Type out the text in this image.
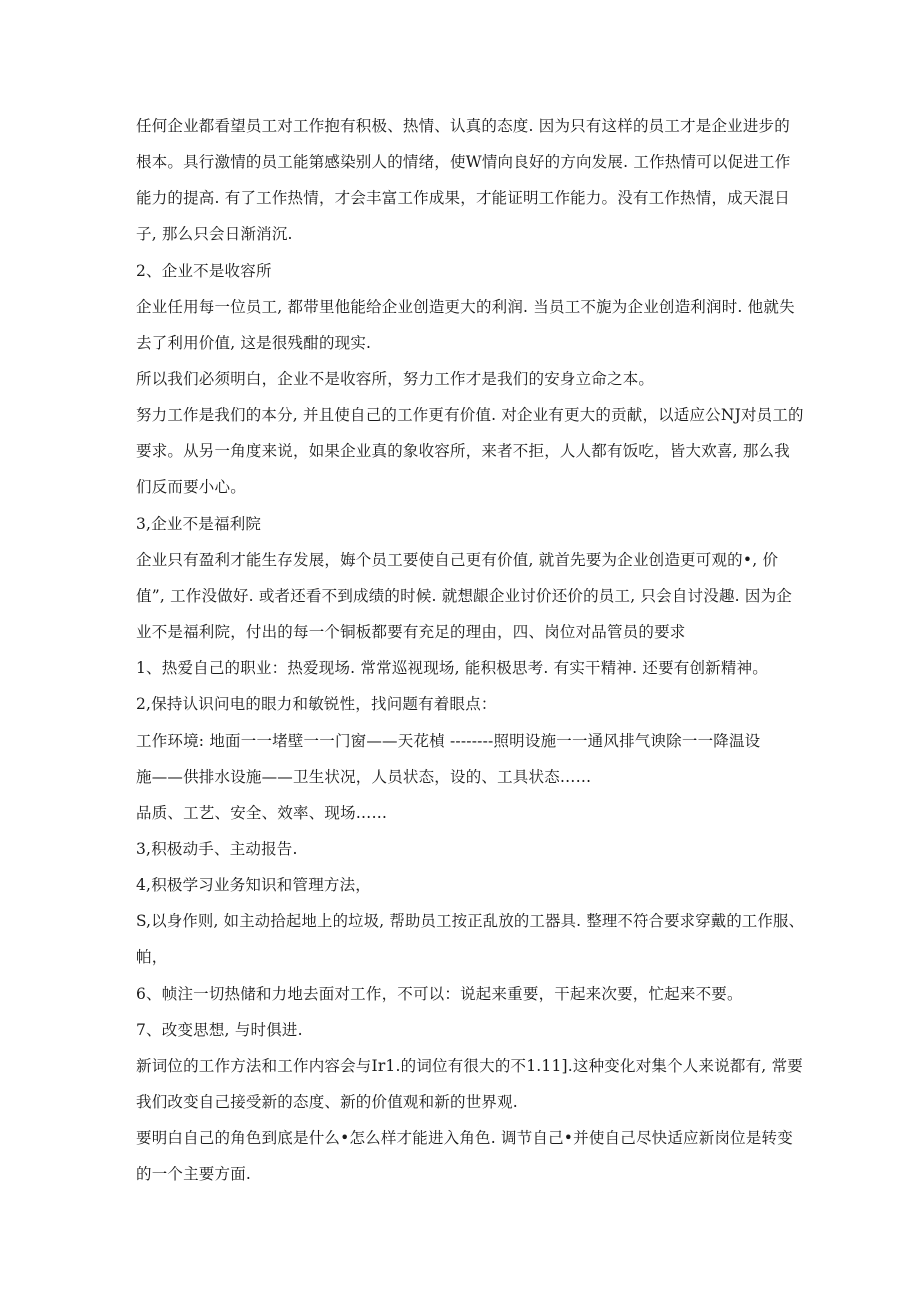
任何企业都看望员工对工作抱有积极、热情、认真的态度. 因为只有这样的员工才是企业进步的
根本。具行激情的员工能第感染别人的情绪，使W情向良好的方向发展. 工作热情可以促进工作
能力的提高. 有了工作热情，才会丰富工作成果，才能证明工作能力。没有工作热情，成天混日
子, 那么只会日渐消沉.
2、企业不是收容所
企业任用每一位员工, 都带里他能给企业创造更大的利润. 当员工不旎为企业创造利润时. 他就失
去了利用价值, 这是很残酣的现实.
所以我们必须明白，企业不是收容所，努力工作才是我们的安身立命之本。
努力工作是我们的本分, 并且使自己的工作更有价值. 对企业有更大的贡献，以适应公NJ对员工的
要求。从另一角度来说，如果企业真的象收容所，来者不拒，人人都有饭吃，皆大欢喜, 那么我
们反而要小心。
3,企业不是福利院
企业只有盈利才能生存发展，娒个员工要使自己更有价值, 就首先要为企业创造更可观的•, 价
值”, 工作没做好. 或者还看不到成绩的时候. 就想龈企业讨价还价的员工, 只会自讨没趣. 因为企
业不是福利院，付出的每一个铜板都要有充足的理由，四、岗位对品管员的要求
1、热爱自己的职业：热爱现场. 常常巡视现场, 能积极思考. 有实干精神. 还要有创新精神。
2,保持认识问电的眼力和敏锐性，找问题有着眼点：
工作环境: 地面一一堵壁一一门窗——天花楨 --------照明设施一一通风排气谀除一一降温设
施——供排水设施——卫生状况，人员状态，设的、工具状态……
品质、工艺、安全、效率、现场……
3,积极动手、主动报告.
4,积极学习业务知识和管理方法，
S,以身作则, 如主动拾起地上的垃圾, 帮助员工按正乱放的工器具. 整理不符合要求穿戴的工作服、
帕，
6、帧注一切热储和力地去面对工作，不可以：说起来重要，干起来次要，忙起来不要。
7、改变思想, 与时俱进.
新词位的工作方法和工作内容会与Ir1.的词位有很大的不1.11].这种变化对集个人来说都有, 常要
我们改变自己接受新的态度、新的价值观和新的世界观.
要明白自己的角色到底是什么•怎么样才能进入角色. 调节自己•并使自己尽快适应新岗位是转变
的一个主要方面.
